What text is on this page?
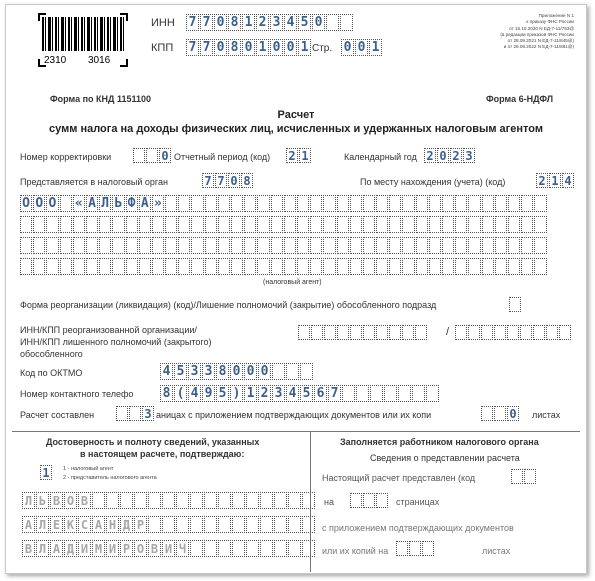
2310 3016
ИНН 7 7 0 8 1 2 3 4 5 0
КПП 7 7 0 8 0 1 0 0 1 Стр. 0 0 1
Приложение N 1
к приказу ФНС России
от 15.10.2020 N ЕД-7-11/753@
(в редакции приказов ФНС России
от 28.09.2021 N ЕД-7-11/845@)
и от 29.09.2022 N ЕД-7-11/881@)
Форма по КНД 1151100	Форма 6-НДФЛ
Расчет
сумм налога на доходы физических лиц, исчисленных и удержанных налоговым агентом
Номер корректировки	0 Отчетный период (код) 2 1	Календарный год 2 0 2 3
Представляется в налоговый орган	7 7 0 8	По месту нахождения (учета) (код)	2 1 4
О О О « А Л Ь Ф А »
(налоговый агент)
Форма реорганизации (ликвидация) (код)/Лишение полномочий (закрытие) обособленного подразд
ИНН/КПП реорганизованной организации/
ИНН/КПП лишенного полномочий (закрытого)
обособленного
/
Код по ОКТМО	4 5 3 3 8 0 0 0
Номер контактного телефо 8 ( 4 9 5 ) 1 2 3 4 5 6 7
Расчет составлен	3 аницах с приложением подтверждающих документов или их копи	0 листах
Достоверность и полноту сведений, указанных
в настоящем расчете, подтверждаю:
1	1 - налоговый агент
2 - представитель налогового агента
Л Ь В О В
А Л Е К С А Н Д Р
В Л А Д И М И Р О В И Ч
Заполняется работником налогового органа
Сведения о представлении расчета
Настоящий расчет представлен (код
на	страницах
с приложением подтверждающих документов
или их копий на	листах
